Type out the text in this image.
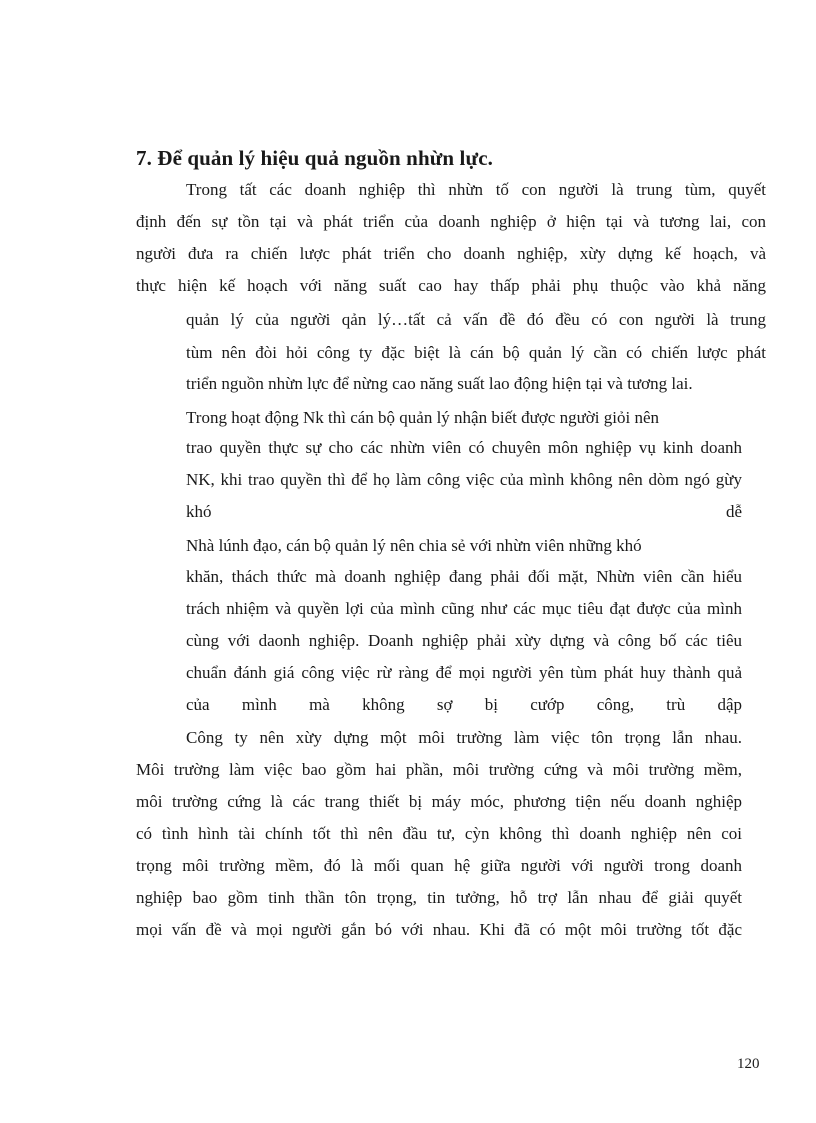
7. Để quản lý hiệu quả nguồn nhừn lực.
Trong tất các doanh nghiệp thì nhừn tố con người là trung tùm, quyết
định đến sự tồn tại và phát triển của doanh nghiệp ở hiện tại và tương lai, con
người đưa ra chiến lược phát triển cho doanh nghiệp, xừy dựng kế hoạch, và
thực hiện kế hoạch với năng suất cao hay thấp phải phụ thuộc vào khả năng
quản lý của người qản lý…tất cả vấn đề đó đều có con người là trung
tùm nên đòi hỏi công ty đặc biệt là cán bộ quản lý cần có chiến lược phát
triển nguồn nhừn lực để nừng cao năng suất lao động hiện tại và tương lai.
Trong hoạt động Nk thì cán bộ quản lý nhận biết được người giỏi nên
trao quyền thực sự cho các nhừn viên có chuyên môn nghiệp vụ kinh doanh
NK, khi trao quyền thì để họ làm công việc của mình không nên dòm ngó gừy
khó dễ
Nhà lúnh đạo, cán bộ quản lý nên chia sẻ với nhừn viên những khó
khăn, thách thức mà doanh nghiệp đang phải đối mặt, Nhừn viên cần hiểu
trách nhiệm và quyền lợi của mình cũng như các mục tiêu đạt được của mình
cùng với daonh nghiệp. Doanh nghiệp phải xừy dựng và công bố các tiêu
chuẩn đánh giá công việc rừ ràng để mọi người yên tùm phát huy thành quả
của mình mà không sợ bị cướp công, trù dập
Công ty nên xừy dựng một môi trường làm việc tôn trọng lẫn nhau.
Môi trường làm việc bao gồm hai phần, môi trường cứng và môi trường mềm,
môi trường cứng là các trang thiết bị máy móc, phương tiện nếu doanh nghiệp
có tình hình tài chính tốt thì nên đầu tư, cỳn không thì doanh nghiệp nên coi
trọng môi trường mềm, đó là mối quan hệ giữa người với người trong doanh
nghiệp bao gồm tinh thần tôn trọng, tin tưởng, hỗ trợ lẫn nhau để giải quyết
mọi vấn đề và mọi người gắn bó với nhau. Khi đã có một môi trường tốt đặc
120
